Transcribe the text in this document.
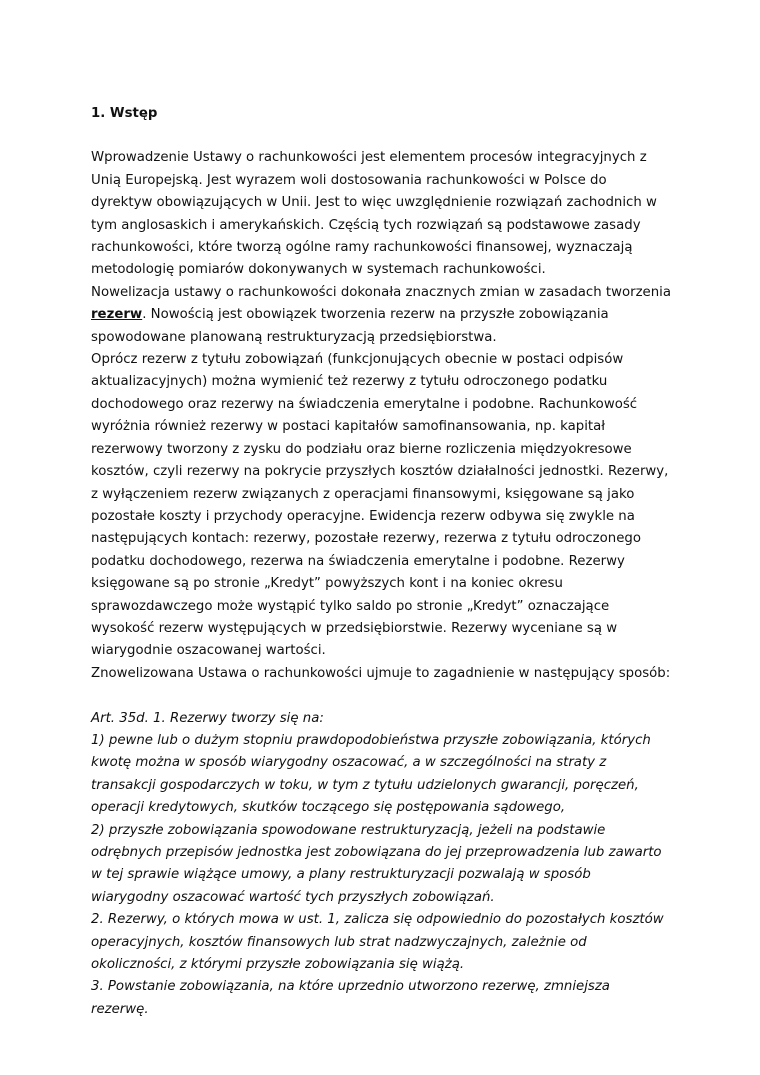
1. Wstęp

Wprowadzenie Ustawy o rachunkowości jest elementem procesów integracyjnych z Unią Europejską. Jest wyrazem woli dostosowania rachunkowości w Polsce do dyrektyw obowiązujących w Unii. Jest to więc uwzględnienie rozwiązań zachodnich w tym anglosaskich i amerykańskich. Częścią tych rozwiązań są podstawowe zasady rachunkowości, które tworzą ogólne ramy rachunkowości finansowej, wyznaczają metodologię pomiarów dokonywanych w systemach rachunkowości.

Nowelizacja ustawy o rachunkowości dokonała znacznych zmian w zasadach tworzenia rezerw. Nowością jest obowiązek tworzenia rezerw na przyszłe zobowiązania spowodowane planowaną restrukturyzacją przedsiębiorstwa.

Oprócz rezerw z tytułu zobowiązań (funkcjonujących obecnie w postaci odpisów aktualizacyjnych) można wymienić też rezerwy z tytułu odroczonego podatku dochodowego oraz rezerwy na świadczenia emerytalne i podobne. Rachunkowość wyróżnia również rezerwy w postaci kapitałów samofinansowania, np. kapitał rezerwowy tworzony z zysku do podziału oraz bierne rozliczenia międzyokresowe kosztów, czyli rezerwy na pokrycie przyszłych kosztów działalności jednostki. Rezerwy, z wyłączeniem rezerw związanych z operacjami finansowymi, księgowane są jako pozostałe koszty i przychody operacyjne. Ewidencja rezerw odbywa się zwykle na następujących kontach: rezerwy, pozostałe rezerwy, rezerwa z tytułu odroczonego podatku dochodowego, rezerwa na świadczenia emerytalne i podobne. Rezerwy księgowane są po stronie „Kredyt” powyższych kont i na koniec okresu sprawozdawczego może wystąpić tylko saldo po stronie „Kredyt” oznaczające wysokość rezerw występujących w przedsiębiorstwie. Rezerwy wyceniane są w wiarygodnie oszacowanej wartości.

Znowelizowana Ustawa o rachunkowości ujmuje to zagadnienie w następujący sposób:

Art. 35d. 1. Rezerwy tworzy się na:

1) pewne lub o dużym stopniu prawdopodobieństwa przyszłe zobowiązania, których kwotę można w sposób wiarygodny oszacować, a w szczególności na straty z transakcji gospodarczych w toku, w tym z tytułu udzielonych gwarancji, poręczeń, operacji kredytowych, skutków toczącego się postępowania sądowego,

2) przyszłe zobowiązania spowodowane restrukturyzacją, jeżeli na podstawie odrębnych przepisów jednostka jest zobowiązana do jej przeprowadzenia lub zawarto w tej sprawie wiążące umowy, a plany restrukturyzacji pozwalają w sposób wiarygodny oszacować wartość tych przyszłych zobowiązań.

2. Rezerwy, o których mowa w ust. 1, zalicza się odpowiednio do pozostałych kosztów operacyjnych, kosztów finansowych lub strat nadzwyczajnych, zależnie od okoliczności, z którymi przyszłe zobowiązania się wiążą.

3. Powstanie zobowiązania, na które uprzednio utworzono rezerwę, zmniejsza rezerwę.
